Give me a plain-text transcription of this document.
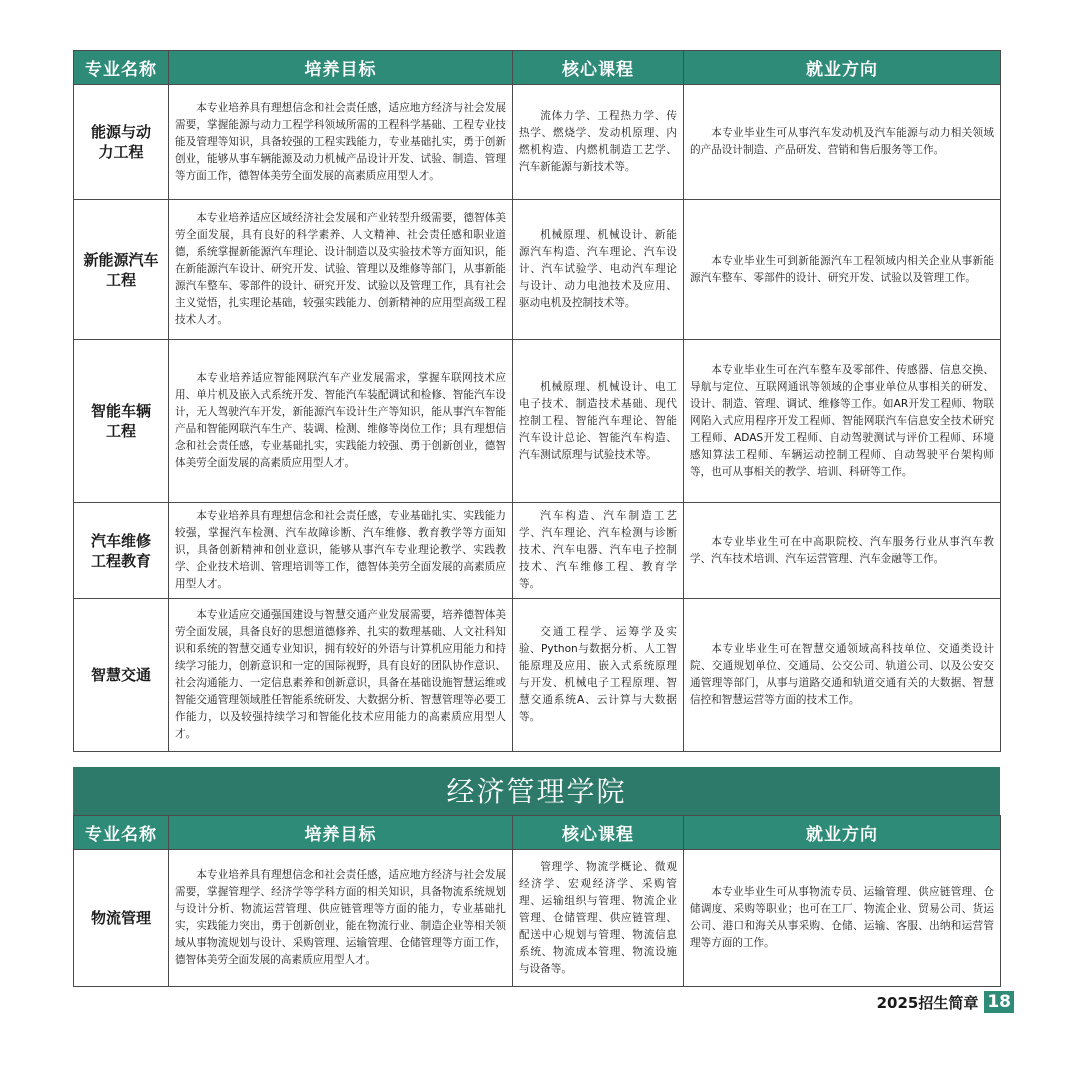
专业名称	培养目标	核心课程	就业方向
能源与动力工程	本专业培养具有理想信念和社会责任感，适应地方经济与社会发展需要，掌握能源与动力工程学科领域所需的工程科学基础、工程专业技能及管理等知识，具备较强的工程实践能力，专业基础扎实，勇于创新创业，能够从事车辆能源及动力机械产品设计开发、试验、制造、管理等方面工作，德智体美劳全面发展的高素质应用型人才。	流体力学、工程热力学、传热学、燃烧学、发动机原理、内燃机构造、内燃机制造工艺学、汽车新能源与新技术等。	本专业毕业生可从事汽车发动机及汽车能源与动力相关领域的产品设计制造、产品研发、营销和售后服务等工作。
新能源汽车工程	本专业培养适应区域经济社会发展和产业转型升级需要，德智体美劳全面发展，具有良好的科学素养、人文精神、社会责任感和职业道德，系统掌握新能源汽车理论、设计制造以及实验技术等方面知识，能在新能源汽车设计、研究开发、试验、管理以及维修等部门，从事新能源汽车整车、零部件的设计、研究开发、试验以及管理工作，具有社会主义觉悟，扎实理论基础，较强实践能力、创新精神的应用型高级工程技术人才。	机械原理、机械设计、新能源汽车构造、汽车理论、汽车设计、汽车试验学、电动汽车理论与设计、动力电池技术及应用、驱动电机及控制技术等。	本专业毕业生可到新能源汽车工程领域内相关企业从事新能源汽车整车、零部件的设计、研究开发、试验以及管理工作。
智能车辆工程	本专业培养适应智能网联汽车产业发展需求，掌握车联网技术应用、单片机及嵌入式系统开发、智能汽车装配调试和检修、智能汽车设计，无人驾驶汽车开发，新能源汽车设计生产等知识，能从事汽车智能产品和智能网联汽车生产、装调、检测、维修等岗位工作；具有理想信念和社会责任感，专业基础扎实，实践能力较强、勇于创新创业，德智体美劳全面发展的高素质应用型人才。	机械原理、机械设计、电工电子技术、制造技术基础、现代控制工程、智能汽车理论、智能汽车设计总论、智能汽车构造、汽车测试原理与试验技术等。	本专业毕业生可在汽车整车及零部件、传感器、信息交换、导航与定位、互联网通讯等领域的企事业单位从事相关的研发、设计、制造、管理、调试、维修等工作。如AR开发工程师、物联网陷入式应用程序开发工程师、智能网联汽车信息安全技术研究工程师、ADAS开发工程师、自动驾驶测试与评价工程师、环境感知算法工程师、车辆运动控制工程师、自动驾驶平台架构师等，也可从事相关的教学、培训、科研等工作。
汽车维修工程教育	本专业培养具有理想信念和社会责任感，专业基础扎实、实践能力较强，掌握汽车检测、汽车故障诊断、汽车维修、教育教学等方面知识，具备创新精神和创业意识，能够从事汽车专业理论教学、实践教学、企业技术培训、管理培训等工作，德智体美劳全面发展的高素质应用型人才。	汽车构造、汽车制造工艺学、汽车理论、汽车检测与诊断技术、汽车电器、汽车电子控制技术、汽车维修工程、教育学等。	本专业毕业生可在中高职院校、汽车服务行业从事汽车教学、汽车技术培训、汽车运营管理、汽车金融等工作。
智慧交通	本专业适应交通强国建设与智慧交通产业发展需要，培养德智体美劳全面发展，具备良好的思想道德修养、扎实的数理基础、人文社科知识和系统的智慧交通专业知识，拥有较好的外语与计算机应用能力和持续学习能力，创新意识和一定的国际视野，具有良好的团队协作意识、社会沟通能力、一定信息素养和创新意识，具备在基础设施智慧运维或智能交通管理领域胜任智能系统研发、大数据分析、智慧管理等必要工作能力，以及较强持续学习和智能化技术应用能力的高素质应用型人才。	交通工程学、运筹学及实验、Python与数据分析、人工智能原理及应用、嵌入式系统原理与开发、机械电子工程原理、智慧交通系统A、云计算与大数据等。	本专业毕业生可在智慧交通领域高科技单位、交通类设计院、交通规划单位、交通局、公交公司、轨道公司、以及公安交通管理等部门，从事与道路交通和轨道交通有关的大数据、智慧信控和智慧运营等方面的技术工作。
经济管理学院
专业名称	培养目标	核心课程	就业方向
物流管理	本专业培养具有理想信念和社会责任感，适应地方经济与社会发展需要，掌握管理学、经济学等学科方面的相关知识，具备物流系统规划与设计分析、物流运营管理、供应链管理等方面的能力，专业基础扎实，实践能力突出，勇于创新创业，能在物流行业、制造企业等相关领域从事物流规划与设计、采购管理、运输管理、仓储管理等方面工作，德智体美劳全面发展的高素质应用型人才。	管理学、物流学概论、微观经济学、宏观经济学、采购管理、运输组织与管理、物流企业管理、仓储管理、供应链管理、配送中心规划与管理、物流信息系统、物流成本管理、物流设施与设备等。	本专业毕业生可从事物流专员、运输管理、供应链管理、仓储调度、采购等职业；也可在工厂、物流企业、贸易公司、货运公司、港口和海关从事采购、仓储、运输、客服、出纳和运营管理等方面的工作。
2025招生简章 18
